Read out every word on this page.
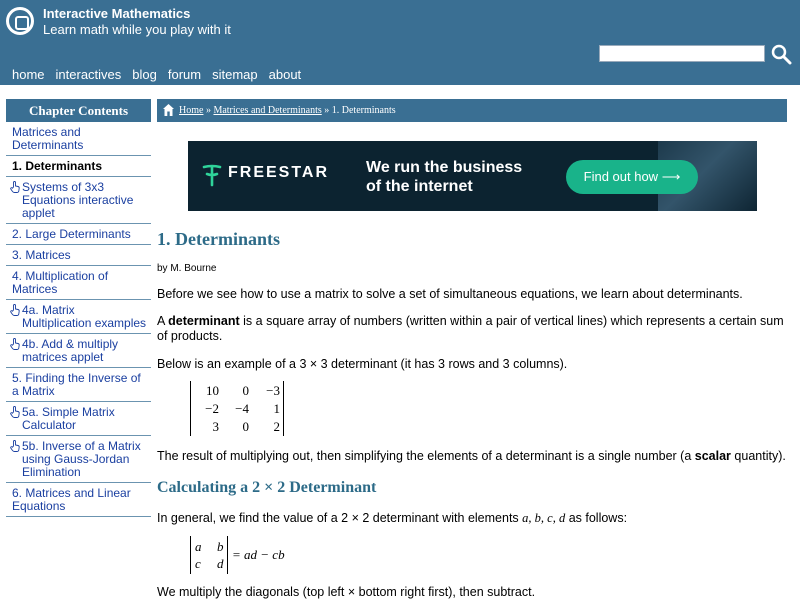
Interactive Mathematics
Learn math while you play with it
home interactives blog forum sitemap about
Chapter Contents
Matrices and Determinants
1. Determinants
Systems of 3x3 Equations interactive applet
2. Large Determinants
3. Matrices
4. Multiplication of Matrices
4a. Matrix Multiplication examples
4b. Add & multiply matrices applet
5. Finding the Inverse of a Matrix
5a. Simple Matrix Calculator
5b. Inverse of a Matrix using Gauss-Jordan Elimination
6. Matrices and Linear Equations
Home » Matrices and Determinants » 1. Determinants
FREESTAR We run the business
of the internet
Find out how ⟶
1. Determinants
by M. Bourne

Before we see how to use a matrix to solve a set of simultaneous equations, we learn about determinants.

A determinant is a square array of numbers (written within a pair of vertical lines) which represents a certain sum of products.

Below is an example of a 3 × 3 determinant (it has 3 rows and 3 columns).

10	0	−3
−2	−4	1
3	0	2

The result of multiplying out, then simplifying the elements of a determinant is a single number (a scalar quantity).

Calculating a 2 × 2 Determinant

In general, we find the value of a 2 × 2 determinant with elements a, b, c, d as follows:

a b
c d
= ad − cb

We multiply the diagonals (top left × bottom right first), then subtract.
